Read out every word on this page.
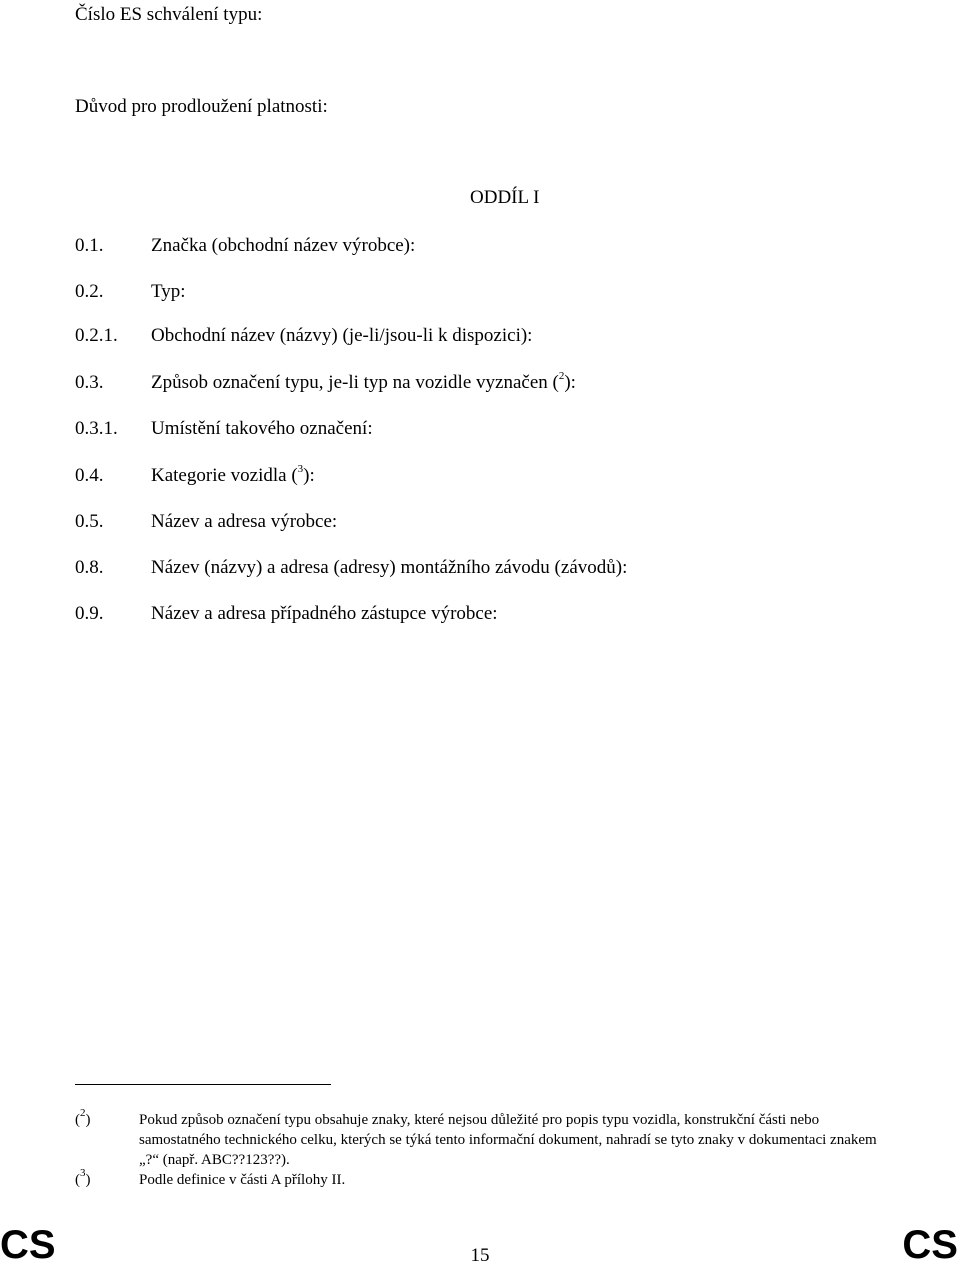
Číslo ES schválení typu:
Důvod pro prodloužení platnosti:
ODDÍL I
0.1.	Značka (obchodní název výrobce):
0.2.	Typ:
0.2.1. Obchodní název (názvy) (je-li/jsou-li k dispozici):
0.3.	Způsob označení typu, je-li typ na vozidle vyznačen ($^2$):
0.3.1. Umístění takového označení:
0.4.	Kategorie vozidla ($^3$):
0.5.	Název a adresa výrobce:
0.8.	Název (názvy) a adresa (adresy) montážního závodu (závodů):
0.9.	Název a adresa případného zástupce výrobce:
($^2$)	Pokud způsob označení typu obsahuje znaky, které nejsou důležité pro popis typu vozidla, konstrukční části nebo samostatného technického celku, kterých se týká tento informační dokument, nahradí se tyto znaky v dokumentaci znakem „?“ (např. ABC??123??).
($^3$)	Podle definice v části A přílohy II.
CS	15	CS
